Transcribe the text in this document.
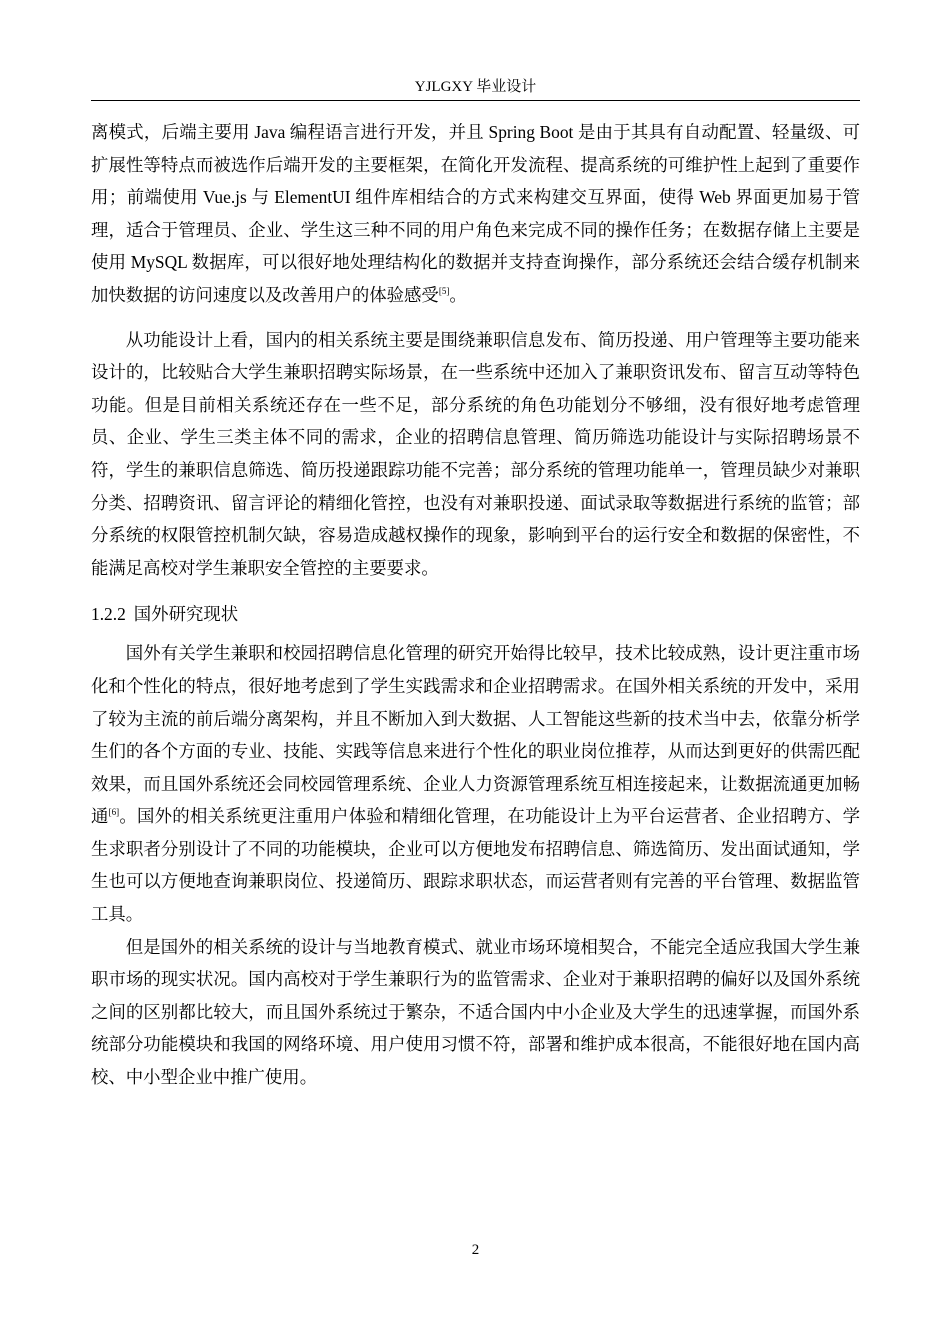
YJLGXY 毕业设计

离模式，后端主要用 Java 编程语言进行开发，并且 Spring Boot 是由于其具有自动配置、轻量级、可扩展性等特点而被选作后端开发的主要框架，在简化开发流程、提高系统的可维护性上起到了重要作用；前端使用 Vue.js 与 ElementUI 组件库相结合的方式来构建交互界面，使得 Web 界面更加易于管理，适合于管理员、企业、学生这三种不同的用户角色来完成不同的操作任务；在数据存储上主要是使用 MySQL 数据库，可以很好地处理结构化的数据并支持查询操作，部分系统还会结合缓存机制来加快数据的访问速度以及改善用户的体验感受[5]。

从功能设计上看，国内的相关系统主要是围绕兼职信息发布、简历投递、用户管理等主要功能来设计的，比较贴合大学生兼职招聘实际场景，在一些系统中还加入了兼职资讯发布、留言互动等特色功能。但是目前相关系统还存在一些不足，部分系统的角色功能划分不够细，没有很好地考虑管理员、企业、学生三类主体不同的需求，企业的招聘信息管理、简历筛选功能设计与实际招聘场景不符，学生的兼职信息筛选、简历投递跟踪功能不完善；部分系统的管理功能单一，管理员缺少对兼职分类、招聘资讯、留言评论的精细化管控，也没有对兼职投递、面试录取等数据进行系统的监管；部分系统的权限管控机制欠缺，容易造成越权操作的现象，影响到平台的运行安全和数据的保密性，不能满足高校对学生兼职安全管控的主要要求。

1.2.2 国外研究现状

国外有关学生兼职和校园招聘信息化管理的研究开始得比较早，技术比较成熟，设计更注重市场化和个性化的特点，很好地考虑到了学生实践需求和企业招聘需求。在国外相关系统的开发中，采用了较为主流的前后端分离架构，并且不断加入到大数据、人工智能这些新的技术当中去，依靠分析学生们的各个方面的专业、技能、实践等信息来进行个性化的职业岗位推荐，从而达到更好的供需匹配效果，而且国外系统还会同校园管理系统、企业人力资源管理系统互相连接起来，让数据流通更加畅通[6]。国外的相关系统更注重用户体验和精细化管理，在功能设计上为平台运营者、企业招聘方、学生求职者分别设计了不同的功能模块，企业可以方便地发布招聘信息、筛选简历、发出面试通知，学生也可以方便地查询兼职岗位、投递简历、跟踪求职状态，而运营者则有完善的平台管理、数据监管工具。

但是国外的相关系统的设计与当地教育模式、就业市场环境相契合，不能完全适应我国大学生兼职市场的现实状况。国内高校对于学生兼职行为的监管需求、企业对于兼职招聘的偏好以及国外系统之间的区别都比较大，而且国外系统过于繁杂，不适合国内中小企业及大学生的迅速掌握，而国外系统部分功能模块和我国的网络环境、用户使用习惯不符，部署和维护成本很高，不能很好地在国内高校、中小型企业中推广使用。

2
